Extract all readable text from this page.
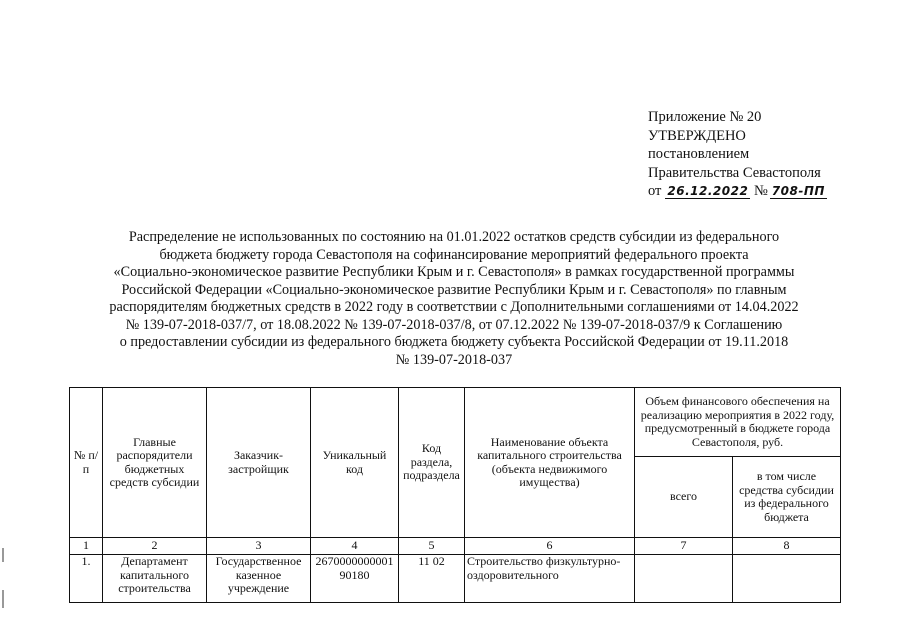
Приложение № 20
УТВЕРЖДЕНО
постановлением
Правительства Севастополя
от 26.12.2022 № 708-ПП
Распределение не использованных по состоянию на 01.01.2022 остатков средств субсидии из федерального
бюджета бюджету города Севастополя на софинансирование мероприятий федерального проекта
«Социально-экономическое развитие Республики Крым и г. Севастополя» в рамках государственной программы
Российской Федерации «Социально-экономическое развитие Республики Крым и г. Севастополя» по главным
распорядителям бюджетных средств в 2022 году в соответствии с Дополнительными соглашениями от 14.04.2022
№ 139-07-2018-037/7, от 18.08.2022 № 139-07-2018-037/8, от 07.12.2022 № 139-07-2018-037/9 к Соглашению
о предоставлении субсидии из федерального бюджета бюджету субъекта Российской Федерации от 19.11.2018
№ 139-07-2018-037
№ п/п	Главные распорядители бюджетных средств субсидии	Заказчик-застройщик	Уникальный код	Код раздела, подраздела	Наименование объекта капитального строительства (объекта недвижимого имущества)	Объем финансового обеспечения на реализацию мероприятия в 2022 году, предусмотренный в бюджете города Севастополя, руб.	
						всего	в том числе средства субсидии из федерального бюджета
1	2	3	4	5	6	7	8
1.	Департамент капитального строительства	Государственное казенное учреждение	267000000000190180	11 02	Строительство физкультурно-оздоровительного		
